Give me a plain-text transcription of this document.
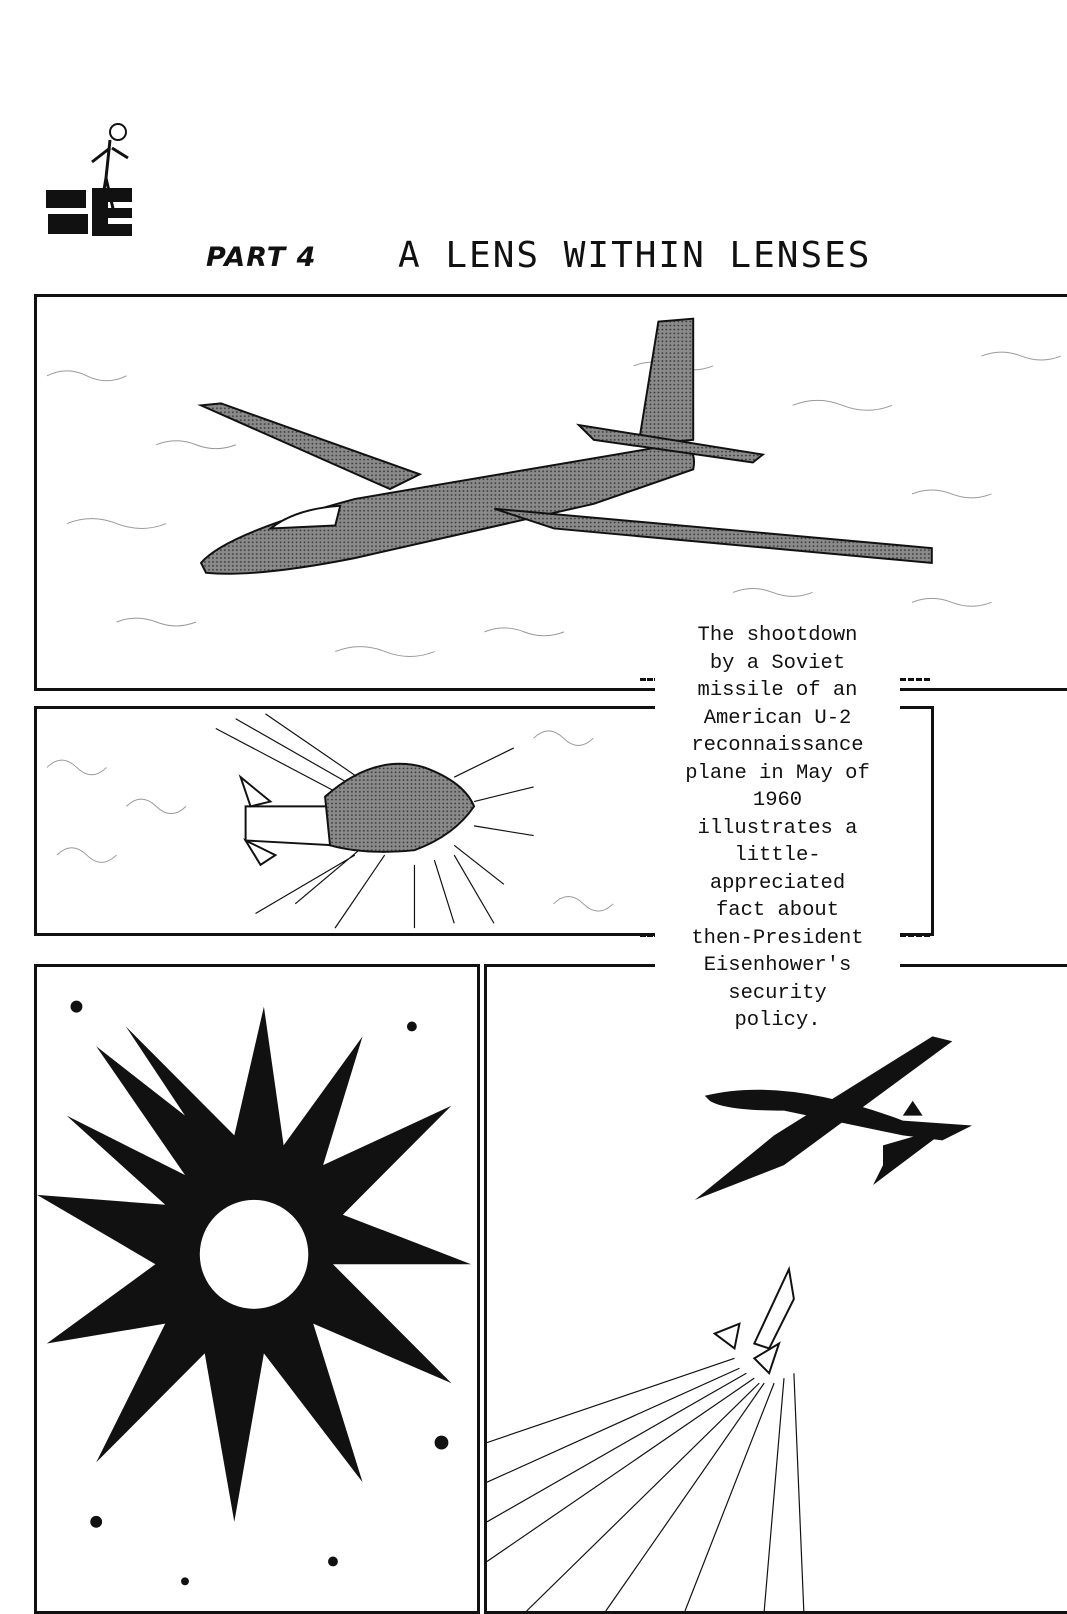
PART 4 A LENS WITHIN LENSES
The shootdown
by a Soviet
missile of an
American U-2
reconnaissance
plane in May of
1960
illustrates a
little-
appreciated
fact about
then-President
Eisenhower's
security
policy.
